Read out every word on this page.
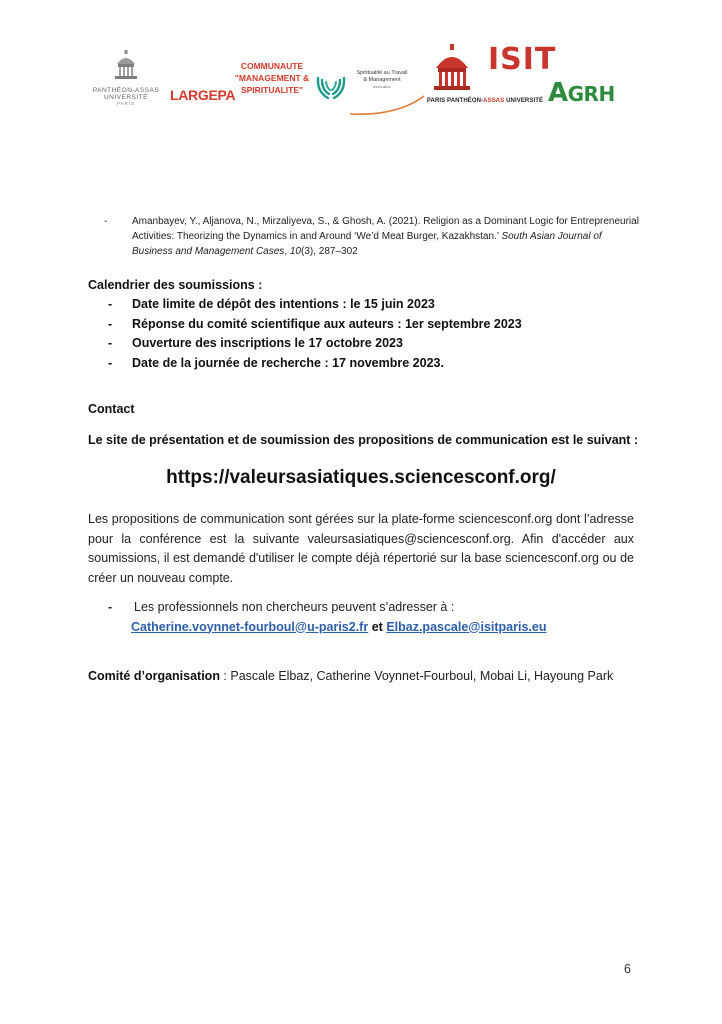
PANTHÉON-ASSAS
UNIVERSITÉ
PARIS
LARGEPA
COMMUNAUTE
"MANAGEMENT &
SPIRITUALITE"
Spiritualité au Travail
& Management
Association
PARIS PANTHÉON-ASSAS UNIVERSITÉ
ISIT
AGRH
- Amanbayev, Y., Aljanova, N., Mirzaliyeva, S., & Ghosh, A. (2021). Religion as a Dominant Logic for Entrepreneurial Activities: Theorizing the Dynamics in and Around ‘We’d Meat Burger, Kazakhstan.’ South Asian Journal of Business and Management Cases, 10(3), 287–302
Calendrier des soumissions :
- Date limite de dépôt des intentions : le 15 juin 2023
- Réponse du comité scientifique aux auteurs : 1er septembre 2023
- Ouverture des inscriptions le 17 octobre 2023
- Date de la journée de recherche : 17 novembre 2023.
Contact
Le site de présentation et de soumission des propositions de communication est le suivant :
https://valeursasiatiques.sciencesconf.org/
Les propositions de communication sont gérées sur la plate-forme sciencesconf.org dont l’adresse pour la conférence est la suivante valeursasiatiques@sciencesconf.org. Afin d'accéder aux soumissions, il est demandé d'utiliser le compte déjà répertorié sur la base sciencesconf.org ou de créer un nouveau compte.
-	Les professionnels non chercheurs peuvent s’adresser à :
Catherine.voynnet-fourboul@u-paris2.fr et Elbaz.pascale@isitparis.eu
Comité d’organisation : Pascale Elbaz, Catherine Voynnet-Fourboul, Mobai Li, Hayoung Park
6
